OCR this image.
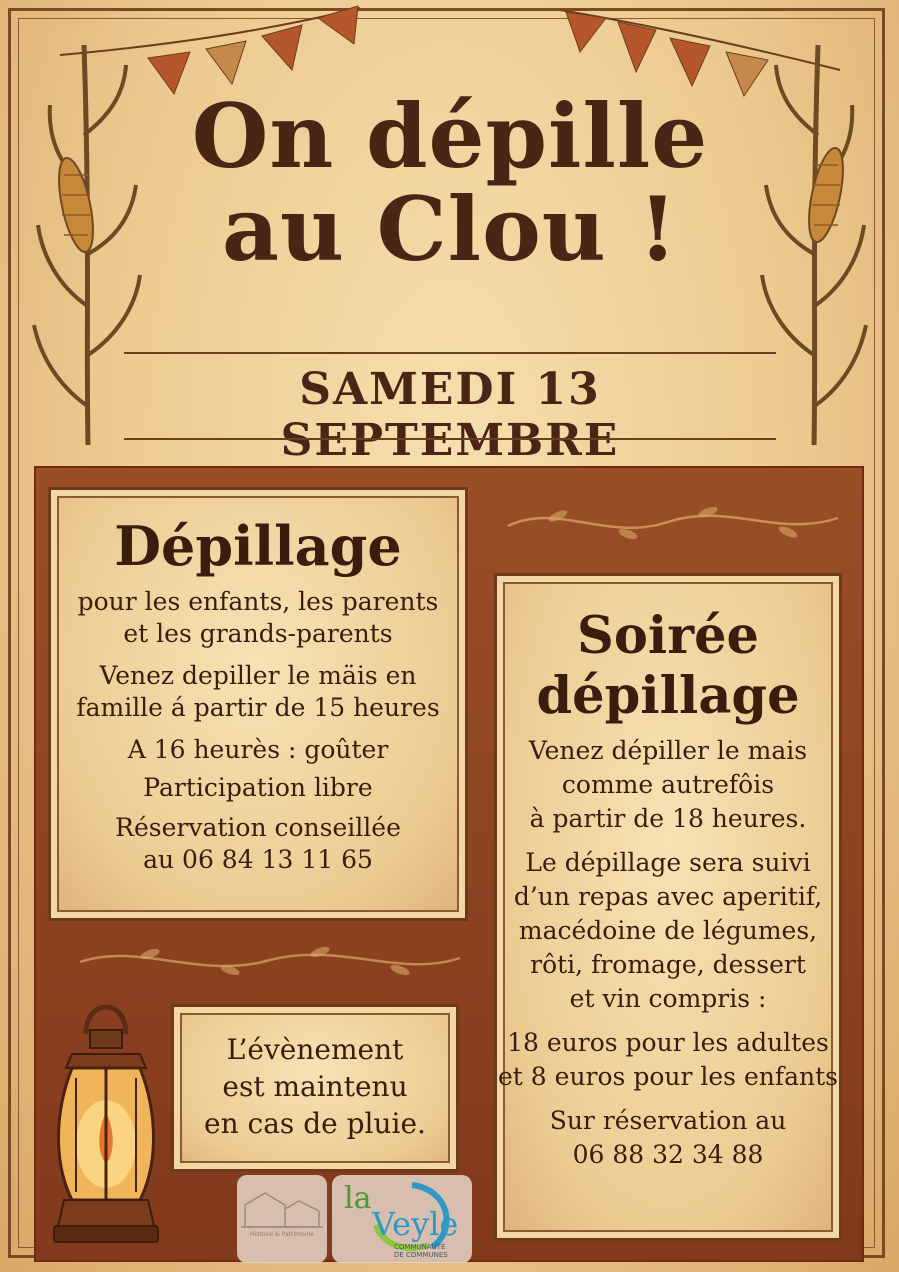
On dépille
au Clou !

SAMEDI 13 SEPTEMBRE

Dépillage

pour les enfants, les parents

et les grands-parents

Venez depiller le mäis en

famille á partir de 15 heures

A 16 heurès : goûter

Participation libre

Réservation conseillée

au 06 84 13 11 65

Soirée
dépillage

Venez dépiller le mais

comme autrefôis

à partir de 18 heures.

Le dépillage sera suivi

d’un repas avec aperitif,

macédoine de légumes,

rôti, fromage, dessert

et vin compris :

18 euros pour les adultes

et 8 euros pour les enfants

Sur réservation au

06 88 32 34 88

L’évènement

est maintenu

en cas de pluie.

Histoire & Patrimoine
la
Veyle
COMMUNAUTÉ
DE COMMUNES
